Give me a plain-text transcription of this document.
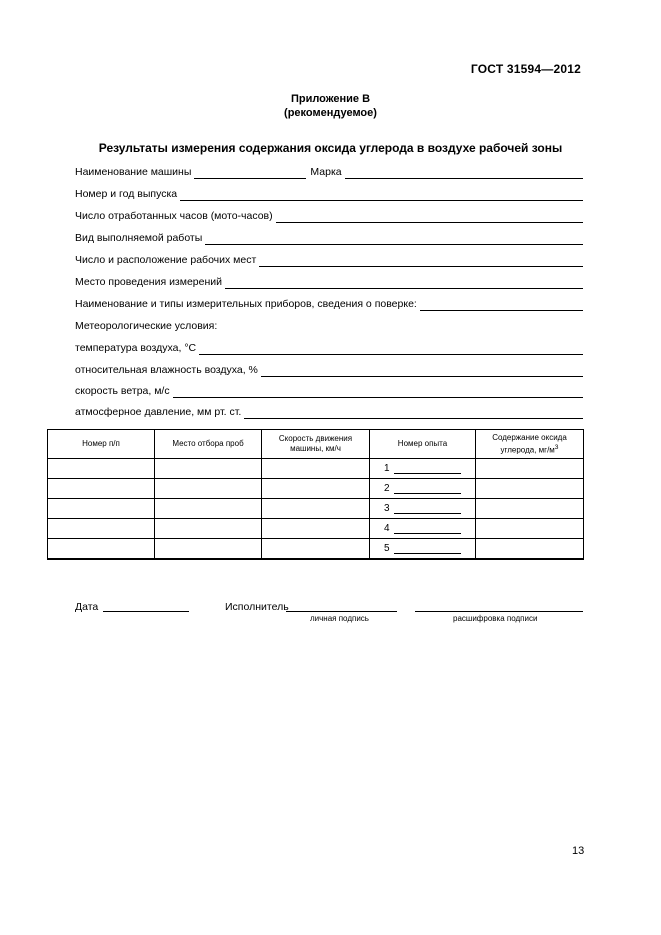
ГОСТ 31594—2012
Приложение В
(рекомендуемое)
Результаты измерения содержания оксида углерода в воздухе рабочей зоны
Наименование машины	Марка
Номер и год выпуска
Число отработанных часов (мото-часов)
Вид выполняемой работы
Число и расположение рабочих мест
Место проведения измерений
Наименование и типы измерительных приборов, сведения о поверке:
Метеорологические условия:
температура воздуха, °С
относительная влажность воздуха, %
скорость ветра, м/с
атмосферное давление, мм рт. ст.
Номер п/п	Место отбора проб	Скорость движения машины, км/ч	Номер опыта	Содержание оксида углерода, $мг/м^3$
			1	
			2	
			3	
			4	
			5	
Дата	Исполнитель
личная подпись	расшифровка подписи
13
